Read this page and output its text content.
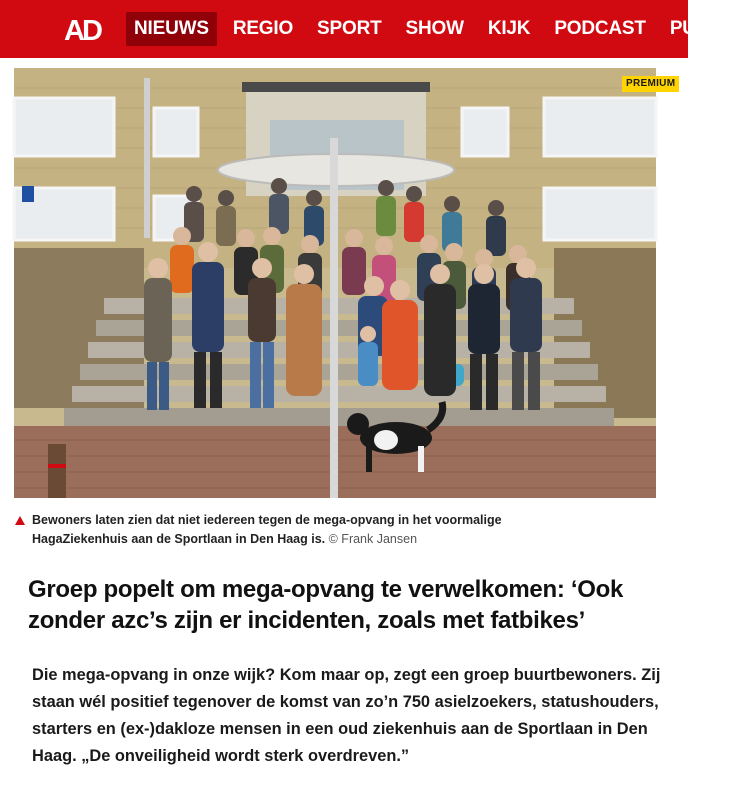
AD	NIEUWS	REGIO	SPORT	SHOW	KIJK	PODCAST	PUZZ
PREMIUM
Bewoners laten zien dat niet iedereen tegen de mega-opvang in het voormalige HagaZiekenhuis aan de Sportlaan in Den Haag is. © Frank Jansen
Groep popelt om mega-opvang te verwelkomen: ‘Ook zonder azc’s zijn er incidenten, zoals met fatbikes’

Die mega-opvang in onze wijk? Kom maar op, zegt een groep buurtbewoners. Zij staan wél positief tegenover de komst van zo’n 750 asielzoekers, statushouders, starters en (ex-)dakloze mensen in een oud ziekenhuis aan de Sportlaan in Den Haag. „De onveiligheid wordt sterk overdreven.”
